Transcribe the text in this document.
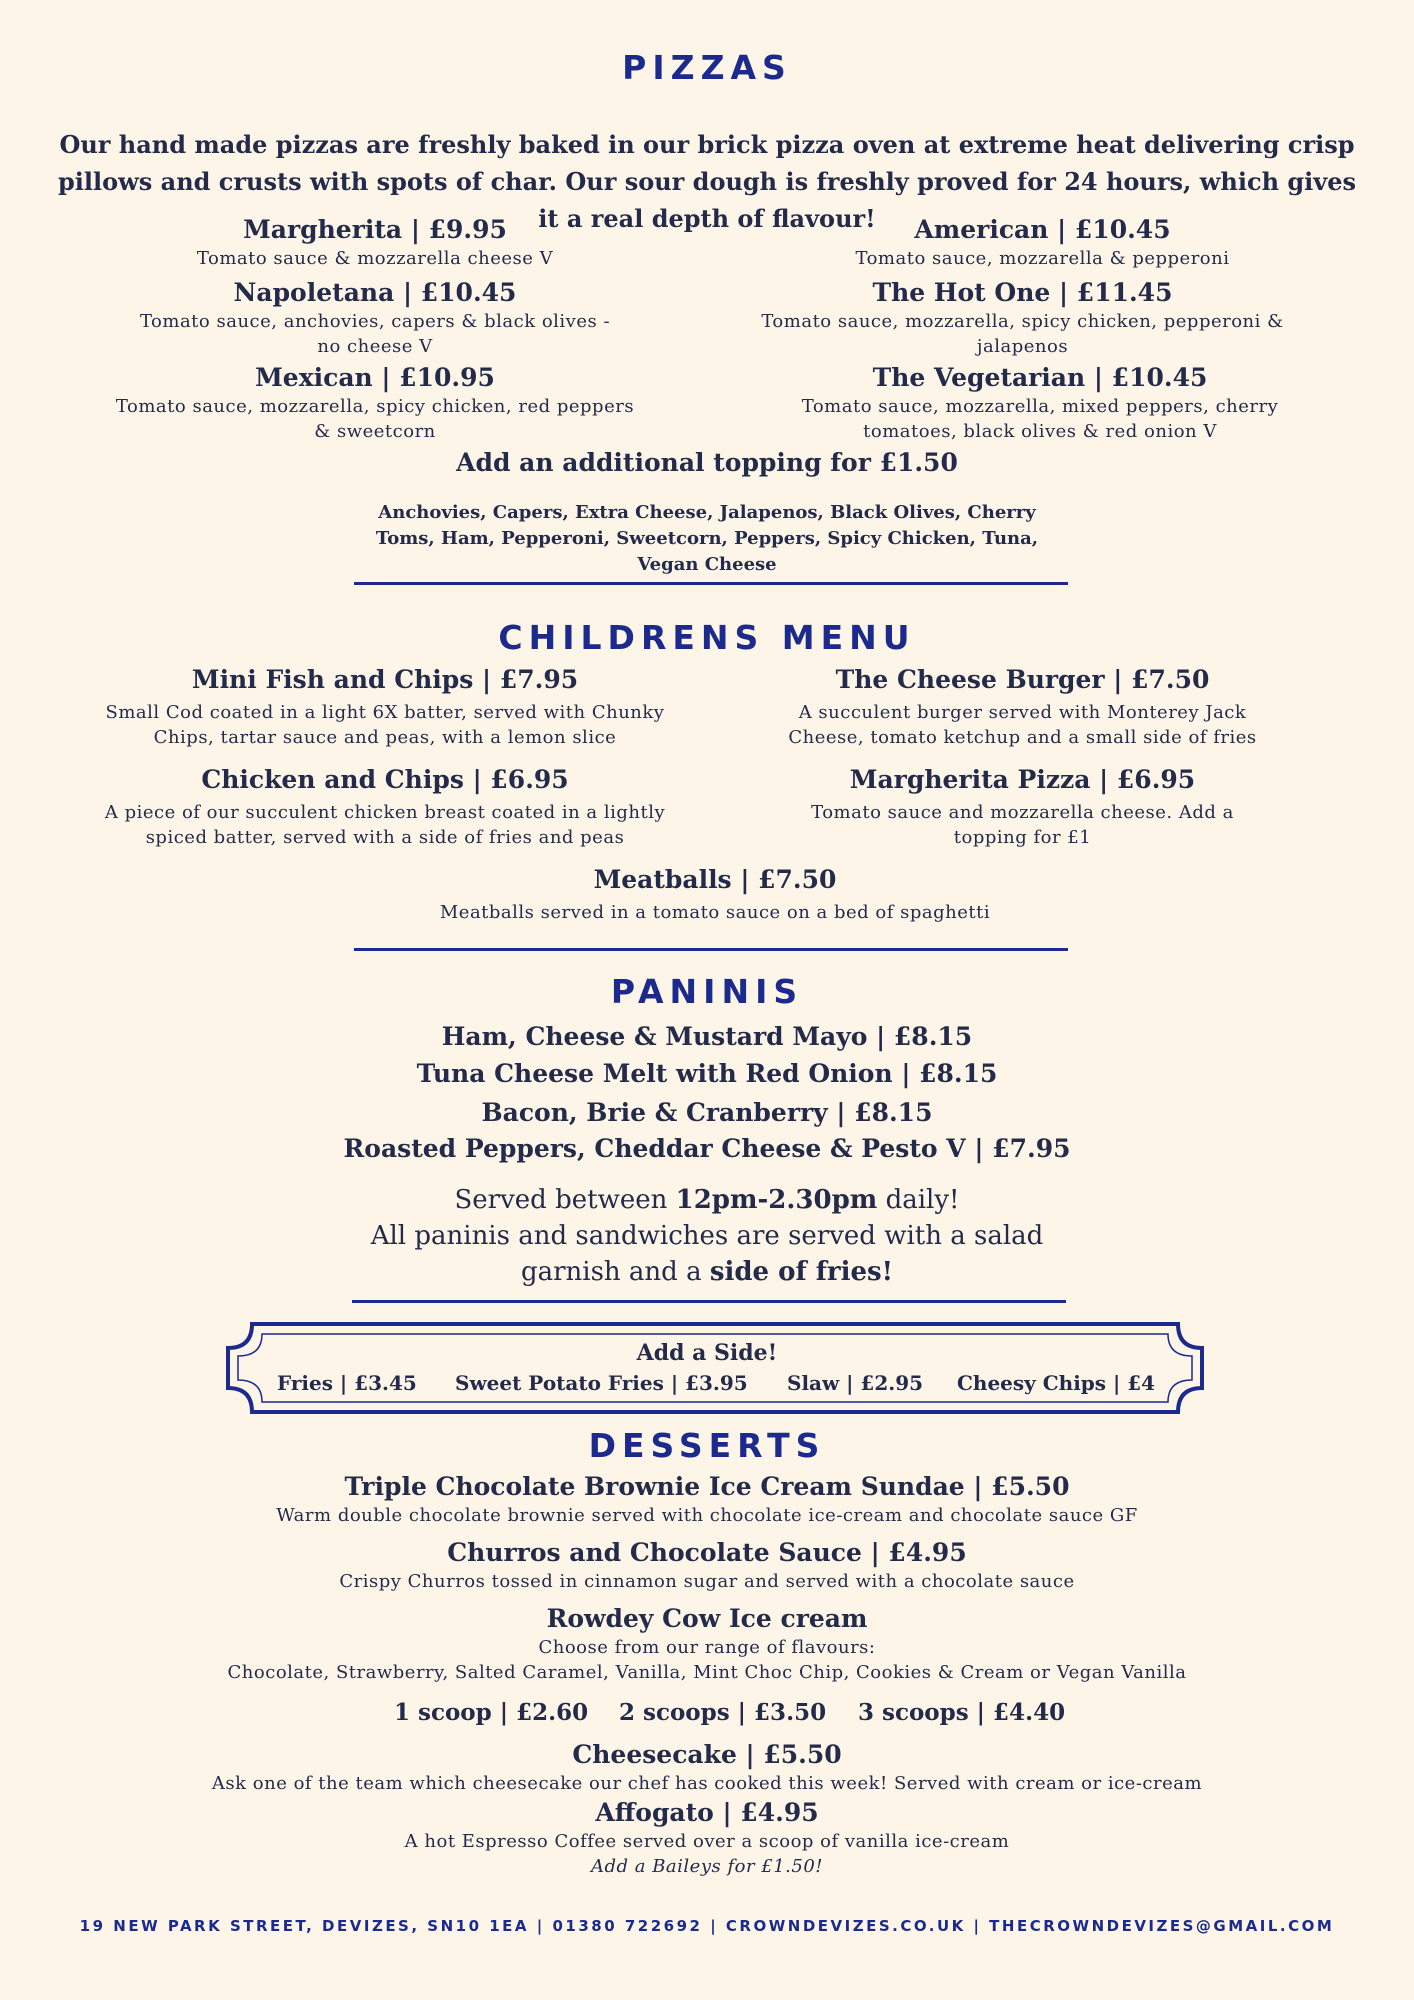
PIZZAS
Our hand made pizzas are freshly baked in our brick pizza oven at extreme heat delivering crisp pillows and crusts with spots of char. Our sour dough is freshly proved for 24 hours, which gives it a real depth of flavour!
Margherita | £9.95
Tomato sauce & mozzarella cheese V
American | £10.45
Tomato sauce, mozzarella & pepperoni
Napoletana | £10.45
Tomato sauce, anchovies, capers & black olives - no cheese V
The Hot One | £11.45
Tomato sauce, mozzarella, spicy chicken, pepperoni & jalapenos
Mexican | £10.95
Tomato sauce, mozzarella, spicy chicken, red peppers & sweetcorn
The Vegetarian | £10.45
Tomato sauce, mozzarella, mixed peppers, cherry tomatoes, black olives & red onion V
Add an additional topping for £1.50
Anchovies, Capers, Extra Cheese, Jalapenos, Black Olives, Cherry Toms, Ham, Pepperoni, Sweetcorn, Peppers, Spicy Chicken, Tuna, Vegan Cheese
CHILDRENS MENU
Mini Fish and Chips | £7.95
Small Cod coated in a light 6X batter, served with Chunky Chips, tartar sauce and peas, with a lemon slice
The Cheese Burger | £7.50
A succulent burger served with Monterey Jack Cheese, tomato ketchup and a small side of fries
Chicken and Chips | £6.95
A piece of our succulent chicken breast coated in a lightly spiced batter, served with a side of fries and peas
Margherita Pizza | £6.95
Tomato sauce and mozzarella cheese. Add a topping for £1
Meatballs | £7.50
Meatballs served in a tomato sauce on a bed of spaghetti
PANINIS
Ham, Cheese & Mustard Mayo | £8.15
Tuna Cheese Melt with Red Onion | £8.15
Bacon, Brie & Cranberry | £8.15
Roasted Peppers, Cheddar Cheese & Pesto V | £7.95
Served between 12pm-2.30pm daily!
All paninis and sandwiches are served with a salad
garnish and a side of fries!
Add a Side!
Fries | £3.45 Sweet Potato Fries | £3.95 Slaw | £2.95 Cheesy Chips | £4
DESSERTS
Triple Chocolate Brownie Ice Cream Sundae | £5.50
Warm double chocolate brownie served with chocolate ice-cream and chocolate sauce GF
Churros and Chocolate Sauce | £4.95
Crispy Churros tossed in cinnamon sugar and served with a chocolate sauce
Rowdey Cow Ice cream
Choose from our range of flavours:
Chocolate, Strawberry, Salted Caramel, Vanilla, Mint Choc Chip, Cookies & Cream or Vegan Vanilla
1 scoop | £2.60 2 scoops | £3.50 3 scoops | £4.40
Cheesecake | £5.50
Ask one of the team which cheesecake our chef has cooked this week! Served with cream or ice-cream
Affogato | £4.95
A hot Espresso Coffee served over a scoop of vanilla ice-cream
Add a Baileys for £1.50!
19 NEW PARK STREET, DEVIZES, SN10 1EA | 01380 722692 | CROWNDEVIZES.CO.UK | THECROWNDEVIZES@GMAIL.COM
